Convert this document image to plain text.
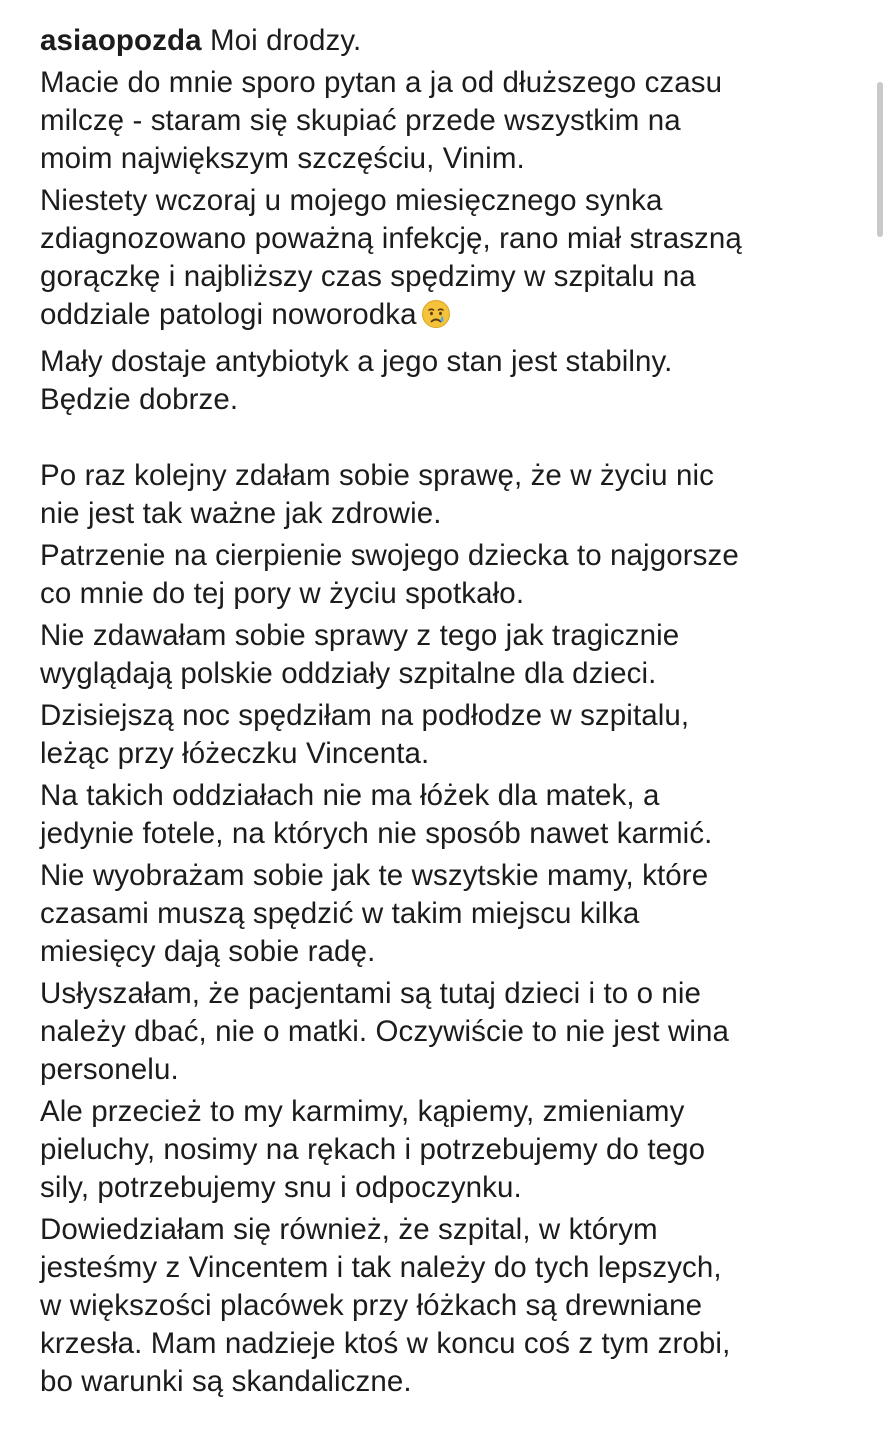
asiaopozda Moi drodzy.

Macie do mnie sporo pytan a ja od dłuższego czasu
milczę - staram się skupiać przede wszystkim na
moim największym szczęściu, Vinim.

Niestety wczoraj u mojego miesięcznego synka
zdiagnozowano poważną infekcję, rano miał straszną
gorączkę i najbliższy czas spędzimy w szpitalu na
oddziale patologi noworodka

Mały dostaje antybiotyk a jego stan jest stabilny.
Będzie dobrze.

Po raz kolejny zdałam sobie sprawę, że w życiu nic
nie jest tak ważne jak zdrowie.

Patrzenie na cierpienie swojego dziecka to najgorsze
co mnie do tej pory w życiu spotkało.

Nie zdawałam sobie sprawy z tego jak tragicznie
wyglądają polskie oddziały szpitalne dla dzieci.

Dzisiejszą noc spędziłam na podłodze w szpitalu,
leżąc przy łóżeczku Vincenta.

Na takich oddziałach nie ma łóżek dla matek, a
jedynie fotele, na których nie sposób nawet karmić.

Nie wyobrażam sobie jak te wszytskie mamy, które
czasami muszą spędzić w takim miejscu kilka
miesięcy dają sobie radę.

Usłyszałam, że pacjentami są tutaj dzieci i to o nie
należy dbać, nie o matki. Oczywiście to nie jest wina
personelu.

Ale przecież to my karmimy, kąpiemy, zmieniamy
pieluchy, nosimy na rękach i potrzebujemy do tego
sily, potrzebujemy snu i odpoczynku.

Dowiedziałam się również, że szpital, w którym
jesteśmy z Vincentem i tak należy do tych lepszych,
w większości placówek przy łóżkach są drewniane
krzesła. Mam nadzieje ktoś w koncu coś z tym zrobi,
bo warunki są skandaliczne.
